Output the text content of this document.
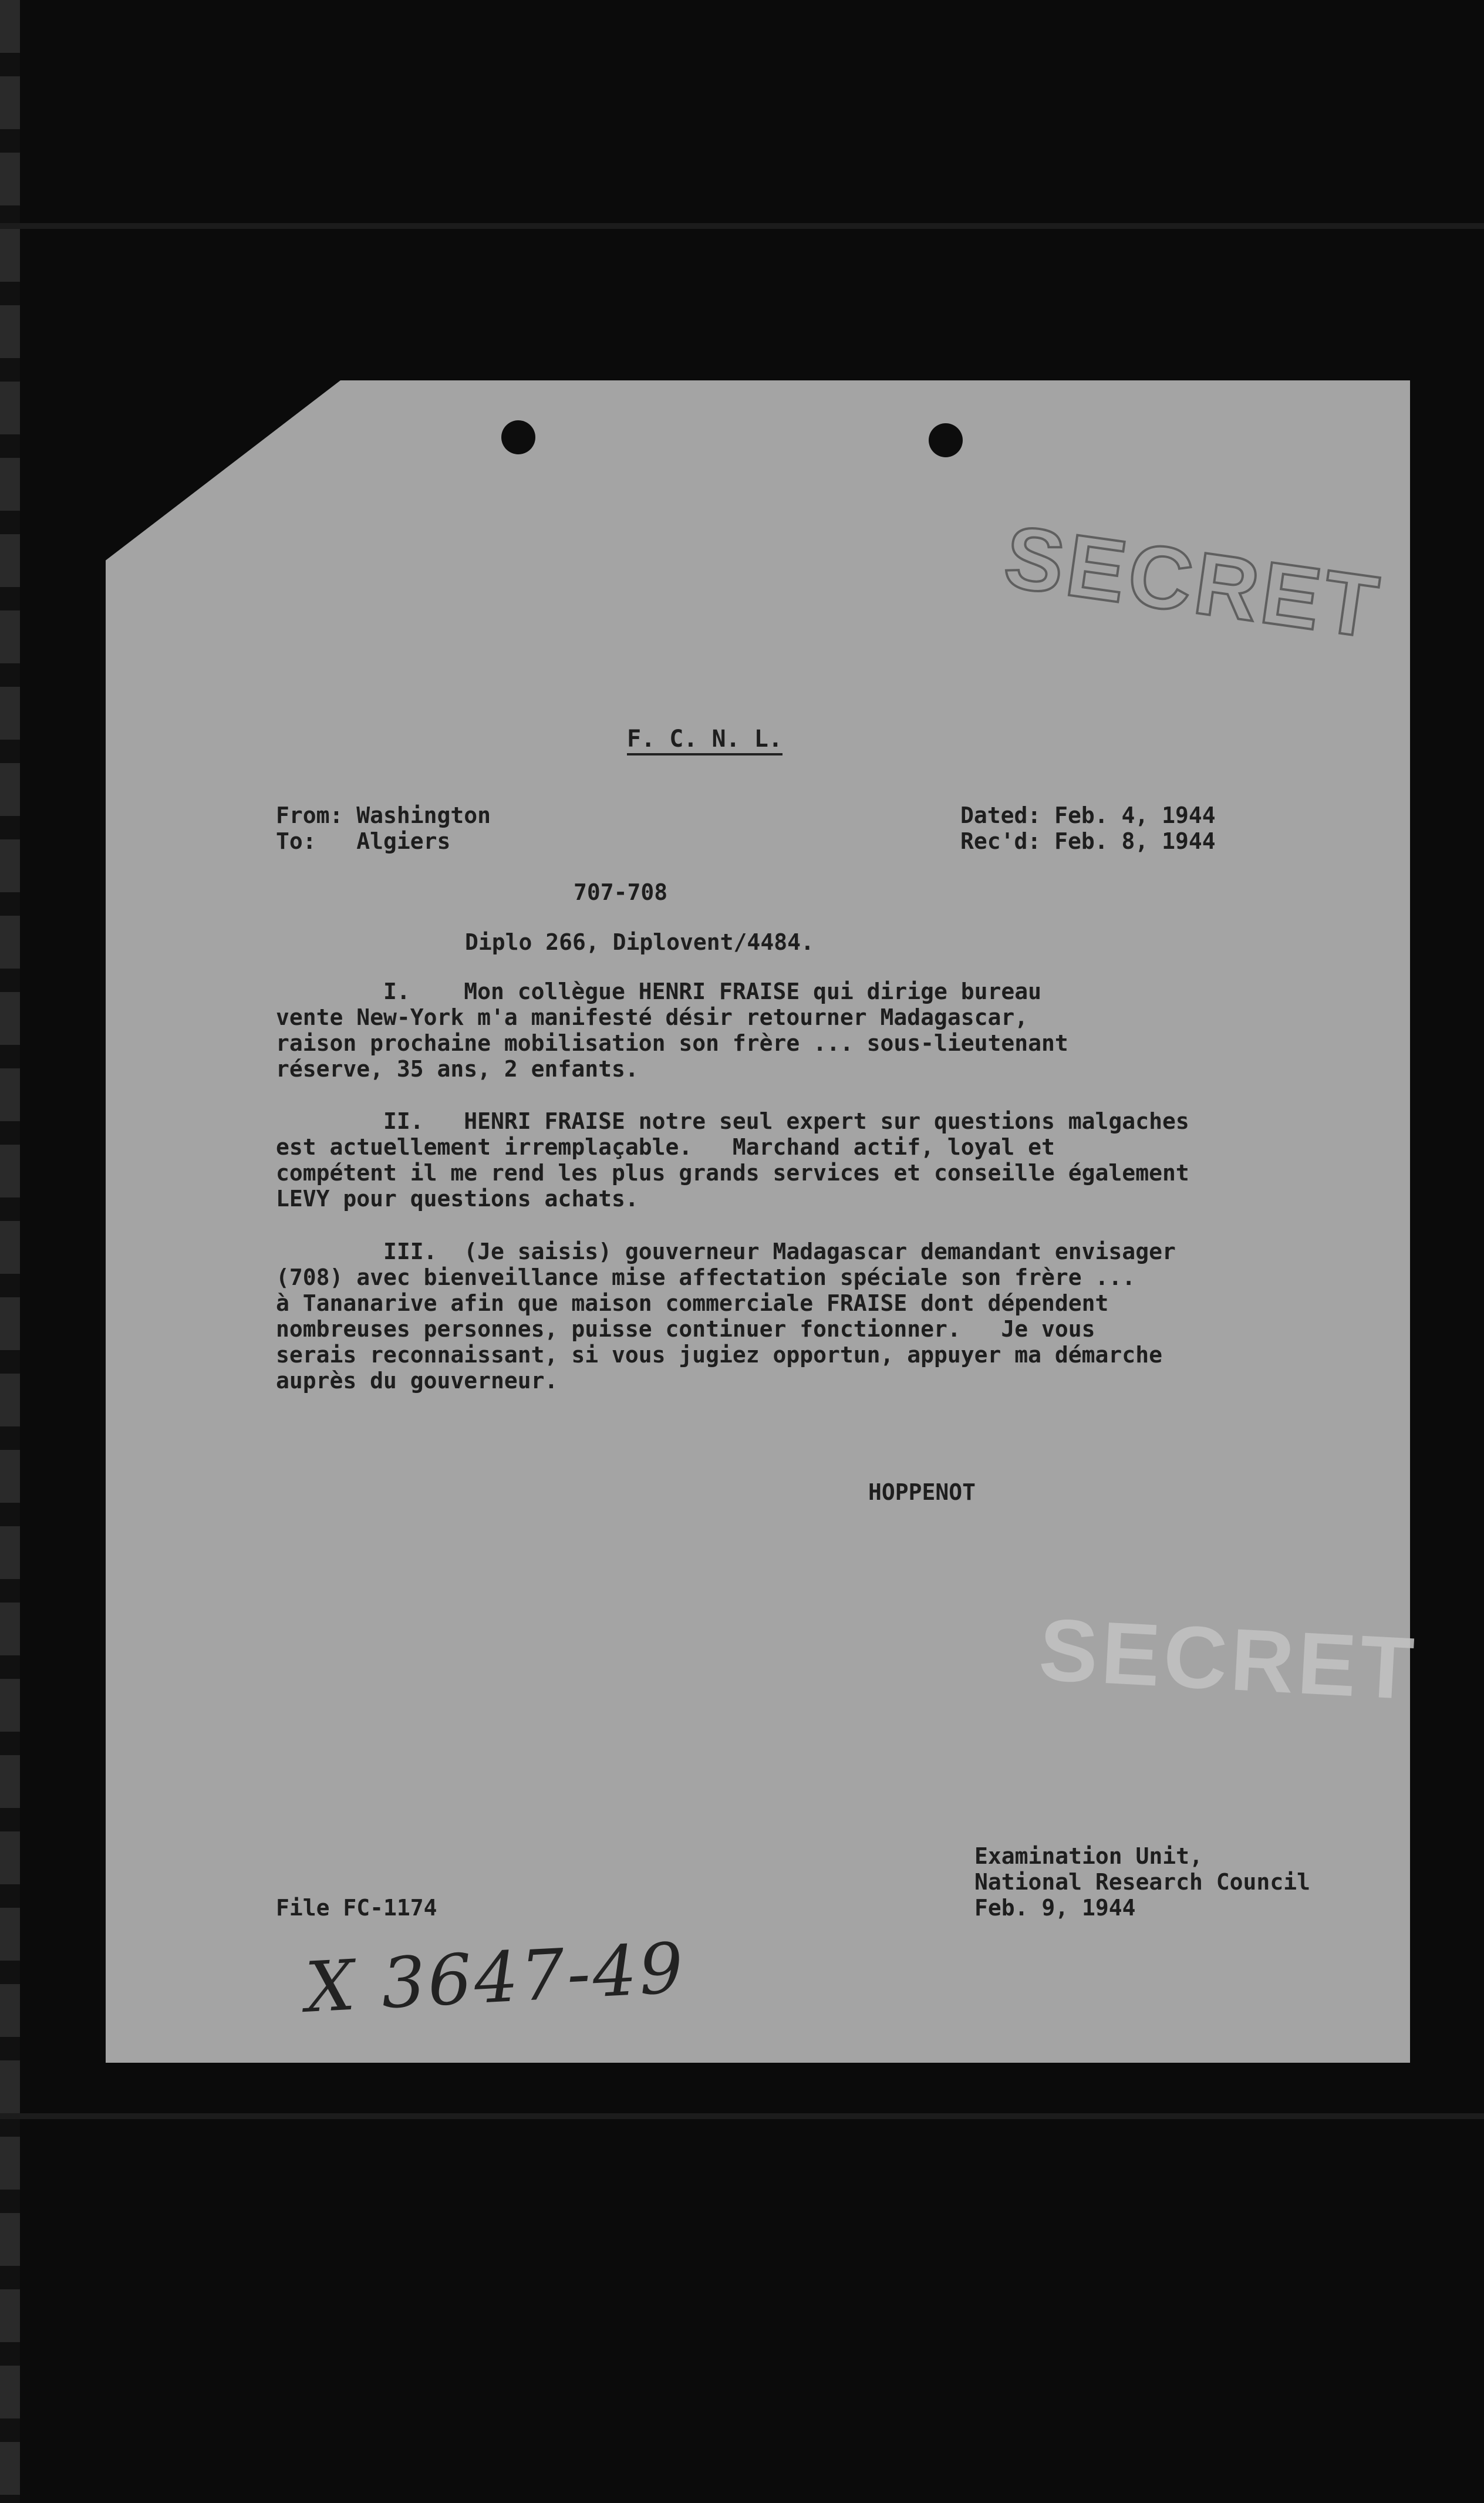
SECRET
SECRET
F. C. N. L.
From: Washington
To:   Algiers
Dated: Feb. 4, 1944
Rec'd: Feb. 8, 1944
707-708
Diplo 266, Diplovent/4484.
I.    Mon collègue HENRI FRAISE qui dirige bureau
vente New-York m'a manifesté désir retourner Madagascar,
raison prochaine mobilisation son frère ... sous-lieutenant
réserve, 35 ans, 2 enfants.
II.   HENRI FRAISE notre seul expert sur questions malgaches
est actuellement irremplaçable.   Marchand actif, loyal et
compétent il me rend les plus grands services et conseille également
LEVY pour questions achats.
III.  (Je saisis) gouverneur Madagascar demandant envisager
(708) avec bienveillance mise affectation spéciale son frère ...
à Tananarive afin que maison commerciale FRAISE dont dépendent
nombreuses personnes, puisse continuer fonctionner.   Je vous
serais reconnaissant, si vous jugiez opportun, appuyer ma démarche
auprès du gouverneur.
HOPPENOT
Examination Unit,
National Research Council
Feb. 9, 1944
File FC-1174
X 3647-49
